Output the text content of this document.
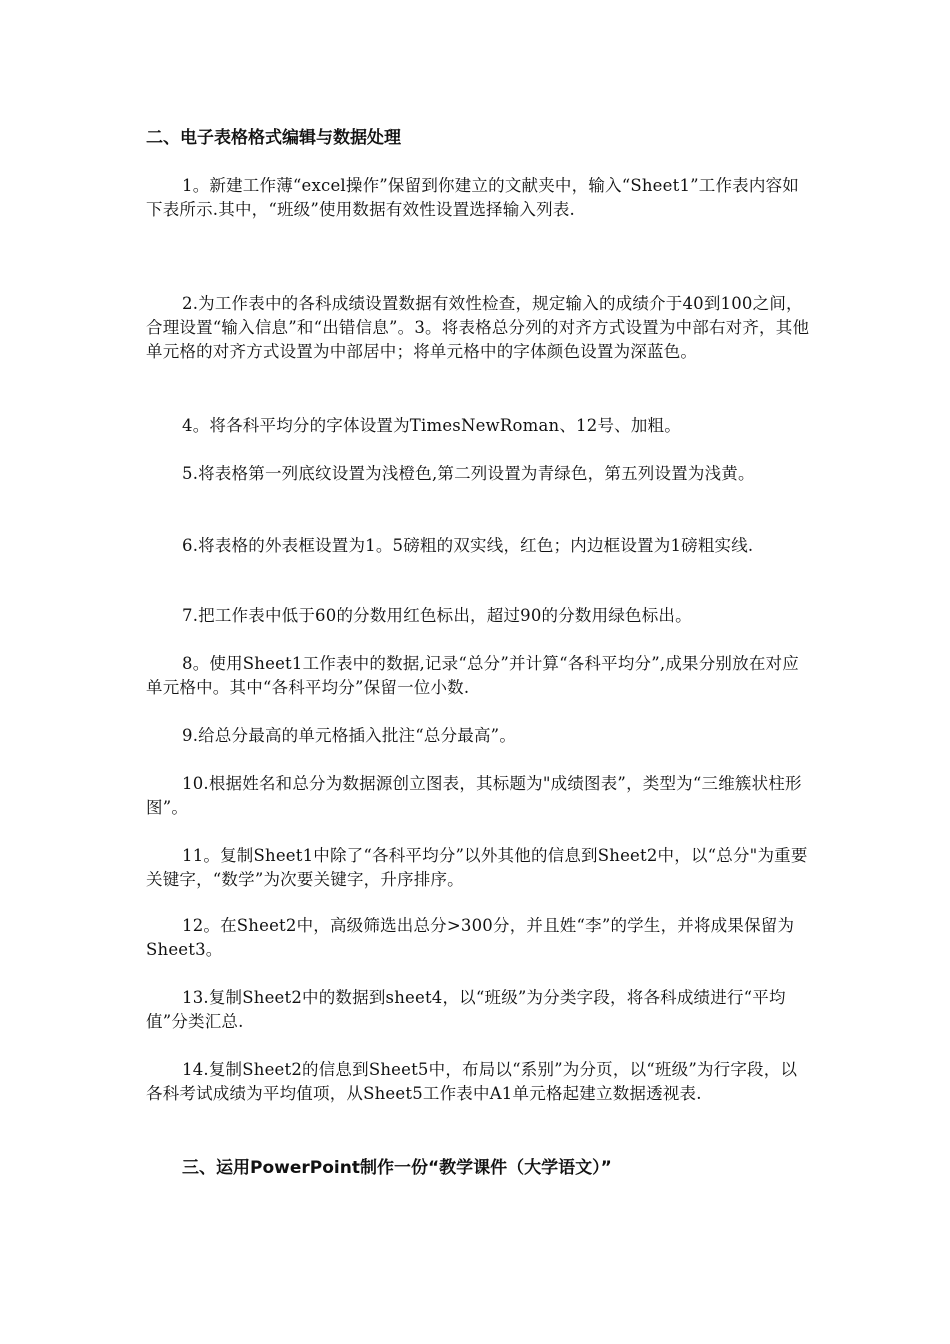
二、电子表格格式编辑与数据处理
1。新建工作薄“excel操作”保留到你建立的文献夹中，输入“Sheet1”工作表内容如下表所示.其中，“班级”使用数据有效性设置选择输入列表.
2.为工作表中的各科成绩设置数据有效性检查，规定输入的成绩介于40到100之间，合理设置“输入信息”和“出错信息”。3。将表格总分列的对齐方式设置为中部右对齐，其他单元格的对齐方式设置为中部居中；将单元格中的字体颜色设置为深蓝色。
4。将各科平均分的字体设置为TimesNewRoman、12号、加粗。
5.将表格第一列底纹设置为浅橙色,第二列设置为青绿色，第五列设置为浅黄。
6.将表格的外表框设置为1。5磅粗的双实线，红色；内边框设置为1磅粗实线.
7.把工作表中低于60的分数用红色标出，超过90的分数用绿色标出。
8。使用Sheet1工作表中的数据,记录“总分”并计算“各科平均分”,成果分别放在对应单元格中。其中“各科平均分”保留一位小数.
9.给总分最高的单元格插入批注“总分最高”。
10.根据姓名和总分为数据源创立图表，其标题为"成绩图表”，类型为“三维簇状柱形图”。
11。复制Sheet1中除了“各科平均分”以外其他的信息到Sheet2中，以“总分"为重要关键字，“数学”为次要关键字，升序排序。
12。在Sheet2中，高级筛选出总分>300分，并且姓“李”的学生，并将成果保留为Sheet3。
13.复制Sheet2中的数据到sheet4，以“班级”为分类字段，将各科成绩进行“平均值”分类汇总.
14.复制Sheet2的信息到Sheet5中，布局以“系别”为分页，以“班级”为行字段，以各科考试成绩为平均值项，从Sheet5工作表中A1单元格起建立数据透视表.
三、运用PowerPoint制作一份“教学课件（大学语文）”
